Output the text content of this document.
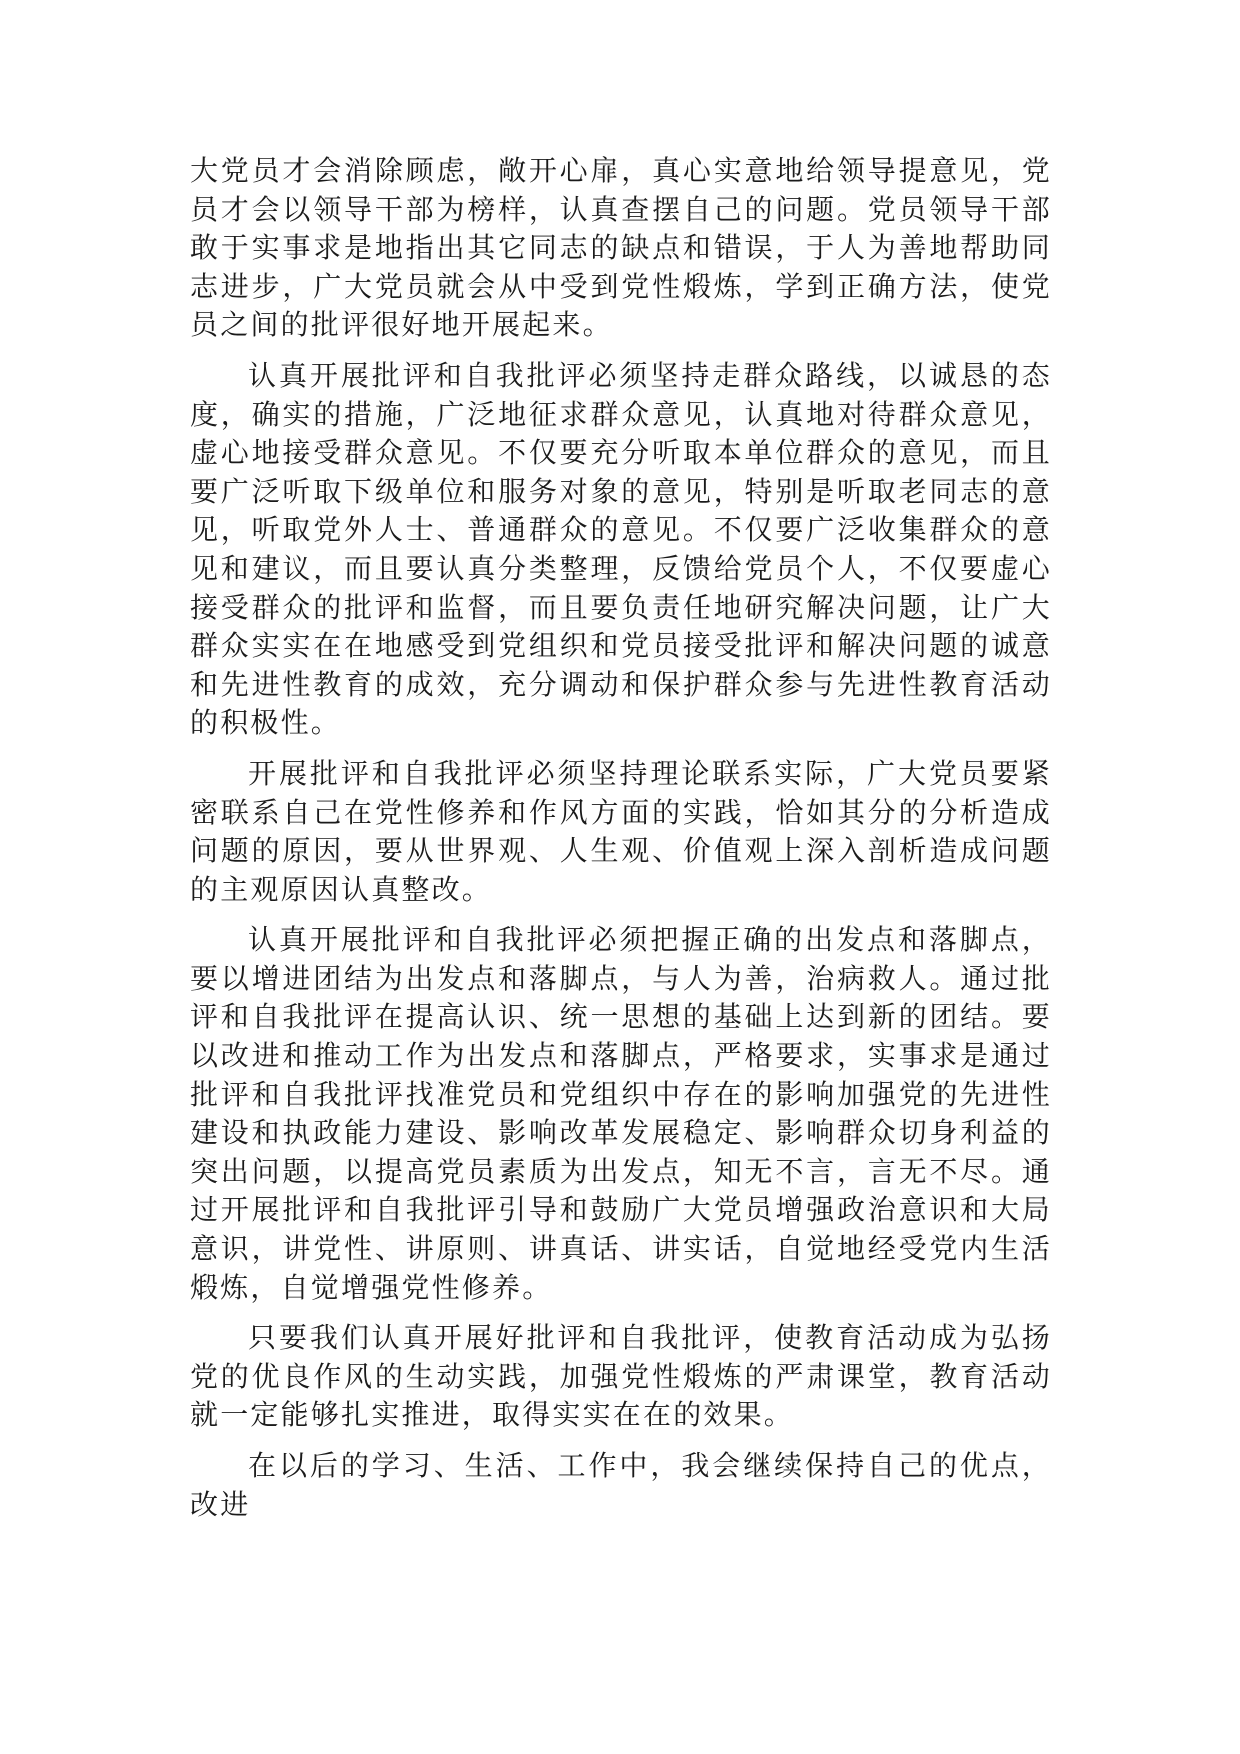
大党员才会消除顾虑，敞开心扉，真心实意地给领导提意见，党员才会以领导干部为榜样，认真查摆自己的问题。党员领导干部敢于实事求是地指出其它同志的缺点和错误，于人为善地帮助同志进步，广大党员就会从中受到党性煅炼，学到正确方法，使党员之间的批评很好地开展起来。

认真开展批评和自我批评必须坚持走群众路线，以诚恳的态度，确实的措施，广泛地征求群众意见，认真地对待群众意见，虚心地接受群众意见。不仅要充分听取本单位群众的意见，而且要广泛听取下级单位和服务对象的意见，特别是听取老同志的意见，听取党外人士、普通群众的意见。不仅要广泛收集群众的意见和建议，而且要认真分类整理，反馈给党员个人，不仅要虚心接受群众的批评和监督，而且要负责任地研究解决问题，让广大群众实实在在地感受到党组织和党员接受批评和解决问题的诚意和先进性教育的成效，充分调动和保护群众参与先进性教育活动的积极性。

开展批评和自我批评必须坚持理论联系实际，广大党员要紧密联系自己在党性修养和作风方面的实践，恰如其分的分析造成问题的原因，要从世界观、人生观、价值观上深入剖析造成问题的主观原因认真整改。

认真开展批评和自我批评必须把握正确的出发点和落脚点，要以增进团结为出发点和落脚点，与人为善，治病救人。通过批评和自我批评在提高认识、统一思想的基础上达到新的团结。要以改进和推动工作为出发点和落脚点，严格要求，实事求是通过批评和自我批评找准党员和党组织中存在的影响加强党的先进性建设和执政能力建设、影响改革发展稳定、影响群众切身利益的突出问题，以提高党员素质为出发点，知无不言，言无不尽。通过开展批评和自我批评引导和鼓励广大党员增强政治意识和大局意识，讲党性、讲原则、讲真话、讲实话，自觉地经受党内生活煅炼，自觉增强党性修养。

只要我们认真开展好批评和自我批评，使教育活动成为弘扬党的优良作风的生动实践，加强党性煅炼的严肃课堂，教育活动就一定能够扎实推进，取得实实在在的效果。

在以后的学习、生活、工作中，我会继续保持自己的优点，改进
